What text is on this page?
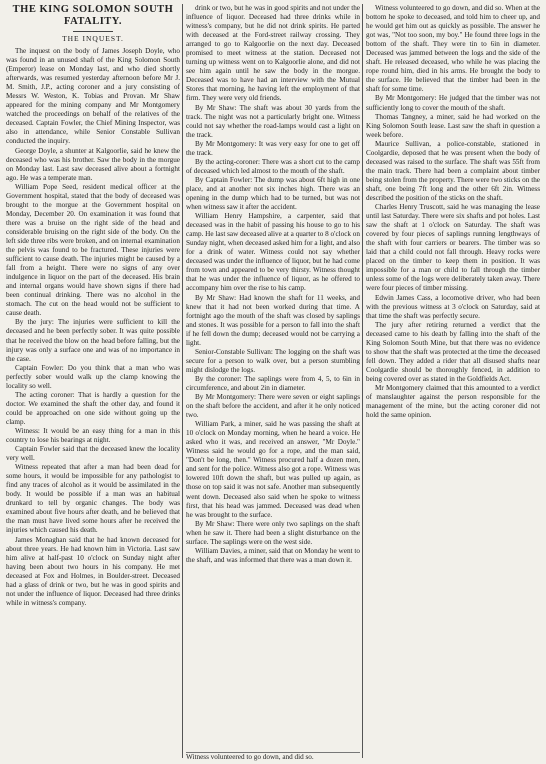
THE KING SOLOMON SOUTH FATALITY.
THE INQUEST.

The inquest on the body of James Joseph Doyle, who was found in an unused shaft of the King Solomon South (Emperor) lease on Monday last, and who died shortly afterwards, was resumed yesterday afternoon before Mr J. M. Smith, J.P., acting coroner and a jury consisting of Messrs W. Weston, K. Tobias and Provan. Mr Shaw appeared for the mining company and Mr Montgomery watched the proceedings on behalf of the relatives of the deceased. Captain Fowler, the Chief Mining Inspector, was also in attendance, while Senior Constable Sullivan conducted the inquiry.

George Doyle, a shunter at Kalgoorlie, said he knew the deceased who was his brother. Saw the body in the morgue on Monday last. Last saw deceased alive about a fortnight ago. He was a temperate man.

William Pope Seed, resident medical officer at the Government hospital, stated that the body of deceased was brought to the morgue at the Government hospital on Monday, December 20. On examination it was found that there was a bruise on the right side of the head and considerable bruising on the right side of the body. On the left side three ribs were broken, and on internal examination the pelvis was found to be fractured. These injuries were sufficient to cause death. The injuries might be caused by a fall from a height. There were no signs of any over indulgence in liquor on the part of the deceased. His brain and internal organs would have shown signs if there had been continual drinking. There was no alcohol in the stomach. The cut on the head would not be sufficient to cause death.

By the jury: The injuries were sufficient to kill the deceased and he been perfectly sober. It was quite possible that he received the blow on the head before falling, but the injury was only a surface one and was of no importance in the case.

Captain Fowler: Do you think that a man who was perfectly sober would walk up the clamp knowing the locality so well.

The acting coroner: That is hardly a question for the doctor. We examined the shaft the other day, and found it could be approached on one side without going up the clamp.

Witness: It would be an easy thing for a man in this country to lose his bearings at night.

Captain Fowler said that the deceased knew the locality very well.

Witness repeated that after a man had been dead for some hours, it would be impossible for any pathologist to find any traces of alcohol as it would be assimilated in the body. It would be possible if a man was an habitual drunkard to tell by organic changes. The body was examined about five hours after death, and he believed that the man must have lived some hours after he received the injuries which caused his death.

James Monaghan said that he had known deceased for about three years. He had known him in Victoria. Last saw him alive at half-past 10 o'clock on Sunday night after having been about two hours in his company. He met deceased at Fox and Holmes, in Boulder-street. Deceased had a glass of drink or two, but he was in good spirits and not under the influence of liquor. Deceased had three drinks while in witness's company.

drink or two, but he was in good spirits and not under the influence of liquor. Deceased had three drinks while in witness's company, but he did not drink spirits. He parted with deceased at the Ford-street railway crossing. They arranged to go to Kalgoorlie on the next day. Deceased promised to meet witness at the station. Deceased not turning up witness went on to Kalgoorlie alone, and did not see him again until he saw the body in the morgue. Deceased was to have had an interview with the Mutual Stores that morning, he having left the employment of that firm. They were very old friends.

By Mr Shaw: The shaft was about 30 yards from the track. The night was not a particularly bright one. Witness could not say whether the road-lamps would cast a light on the track.

By Mr Montgomery: It was very easy for one to get off the track.

By the acting-coroner: There was a short cut to the camp of deceased which led almost to the mouth of the shaft.

By Captain Fowler: The dump was about 6ft high in one place, and at another not six inches high. There was an opening in the dump which had to be turned, but was not when witness saw it after the accident.

William Henry Hampshire, a carpenter, said that deceased was in the habit of passing his house to go to his camp. He last saw deceased alive at a quarter to 8 o'clock on Sunday night, when deceased asked him for a light, and also for a drink of water. Witness could not say whether deceased was under the influence of liquor, but he had come from town and appeared to be very thirsty. Witness thought that he was under the influence of liquor, as he offered to accompany him over the rise to his camp.

By Mr Shaw: Had known the shaft for 11 weeks, and knew that it had not been worked during that time. A fortnight ago the mouth of the shaft was closed by saplings and stones. It was possible for a person to fall into the shaft if he fell down the dump; deceased would not be carrying a light.

Senior-Constable Sullivan: The logging on the shaft was secure for a person to walk over, but a person stumbling might dislodge the logs.

By the coroner: The saplings were from 4, 5, to 6in in circumference, and about 2in in diameter.

By Mr Montgomery: There were seven or eight saplings on the shaft before the accident, and after it he only noticed two.

William Park, a miner, said he was passing the shaft at 10 o'clock on Monday morning, when he heard a voice. He asked who it was, and received an answer, "Mr Doyle." Witness said he would go for a rope, and the man said, "Don't be long, then." Witness procured half a dozen men, and sent for the police. Witness also got a rope. Witness was lowered 10ft down the shaft, but was pulled up again, as those on top said it was not safe. Another man subsequently went down. Deceased also said when he spoke to witness first, that his head was jammed. Deceased was dead when he was brought to the surface.

By Mr Shaw: There were only two saplings on the shaft when he saw it. There had been a slight disturbance on the surface. The saplings were on the west side.

William Davies, a miner, said that on Monday he went to the shaft, and was informed that there was a man down it.

Witness volunteered to go down, and did so.

Witness volunteered to go down, and did so. When at the bottom he spoke to deceased, and told him to cheer up, and he would get him out as quickly as possible. The answer he got was, "Not too soon, my boy." He found three logs in the bottom of the shaft. They were tin to 6in in diameter. Deceased was jammed between the logs and the side of the shaft. He released deceased, who while he was placing the rope round him, died in his arms. He brought the body to the surface. He believed that the timber had been in the shaft for some time.

By Mr Montgomery: He judged that the timber was not sufficiently long to cover the mouth of the shaft.

Thomas Tangney, a miner, said he had worked on the King Solomon South lease. Last saw the shaft in question a week before.

Maurice Sullivan, a police-constable, stationed in Coolgardie, deposed that he was present when the body of deceased was raised to the surface. The shaft was 55ft from the main track. There had been a complaint about timber being stolen from the property. There were two sticks on the shaft, one being 7ft long and the other 6ft 2in. Witness described the position of the sticks on the shaft.

Charles Henry Truscott, said he was managing the lease until last Saturday. There were six shafts and pot holes. Last saw the shaft at 1 o'clock on Saturday. The shaft was covered by four pieces of saplings running lengthways of the shaft with four carriers or bearers. The timber was so laid that a child could not fall through. Heavy rocks were placed on the timber to keep them in position. It was impossible for a man or child to fall through the timber unless some of the logs were deliberately taken away. There were four pieces of timber missing.

Edwin James Cass, a locomotive driver, who had been with the previous witness at 3 o'clock on Saturday, said at that time the shaft was perfectly secure.

The jury after retiring returned a verdict that the deceased came to his death by falling into the shaft of the King Solomon South Mine, but that there was no evidence to show that the shaft was protected at the time the deceased fell down. They added a rider that all disused shafts near Coolgardie should be thoroughly fenced, in addition to being covered over as stated in the Goldfields Act.

Mr Montgomery claimed that this amounted to a verdict of manslaughter against the person responsible for the management of the mine, but the acting coroner did not hold the same opinion.
